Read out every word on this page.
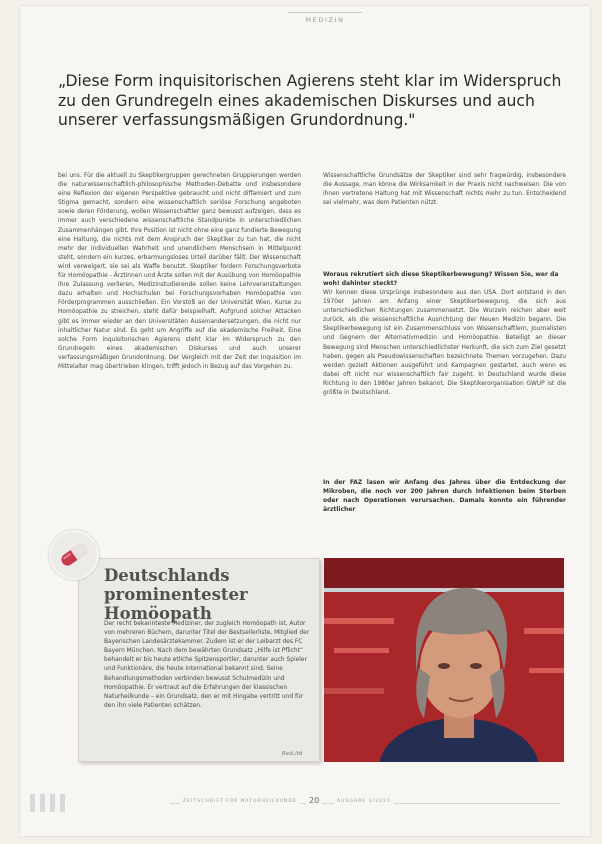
MEDIZIN

„Diese Form inquisitorischen Agierens steht klar im Widerspruch zu den Grundregeln eines akademischen Diskurses und auch unserer verfassungsmäßigen Grundordnung."

bei uns. Für die aktuell zu Skeptikergruppen gerechneten Gruppierungen werden die naturwissenschaftlich-philosophische Methoden-Debatte und insbesondere eine Reflexion der eigenen Perspektive gebraucht und nicht diffamiert und zum Stigma gemacht, sondern eine wissenschaftlich seriöse Forschung angeboten sowie deren Förderung, wollen Wissenschaftler ganz bewusst aufzeigen, dass es immer auch verschiedene wissenschaftliche Standpunkte in unterschiedlichen Zusammenhängen gibt. Ihre Position ist nicht ohne eine ganz fundierte Bewegung eine Haltung, die nichts mit dem Anspruch der Skeptiker zu tun hat, die nicht mehr der individuellen Wahrheit und unendlichem Menschsein in Mittelpunkt steht, sondern ein kurzes, erbarmungsloses Urteil darüber fällt. Der Wissenschaft wird verweigert, sie sei als Waffe benutzt. Skeptiker fordern Forschungsverbote für Homöopathie - Ärztinnen und Ärzte sollen mit der Ausübung von Homöopathie ihre Zulassung verlieren, Medizinstudierende sollen keine Lehrveranstaltungen dazu erhalten und Hochschulen bei Forschungsvorhaben Homöopathie von Förderprogrammen ausschließen. Ein Vorstoß an der Universität Wien, Kurse zu Homöopathie zu streichen, steht dafür beispielhaft. Aufgrund solcher Attacken gibt es immer wieder an den Universitäten Auseinandersetzungen, die nicht nur inhaltlicher Natur sind. Es geht um Angriffe auf die akademische Freiheit. Eine solche Form inquisitorischen Agierens steht klar im Widerspruch zu den Grundregeln eines akademischen Diskurses und auch unserer verfassungsmäßigen Grundordnung. Der Vergleich mit der Zeit der Inquisition im Mittelalter mag übertrieben klingen, trifft jedoch in Bezug auf das Vorgehen zu.

Wissenschaftliche Grundsätze der Skeptiker sind sehr fragwürdig, insbesondere die Aussage, man könne die Wirksamkeit in der Praxis nicht nachweisen. Die von ihnen vertretene Haltung hat mit Wissenschaft nichts mehr zu tun. Entscheidend sei vielmehr, was dem Patienten nützt.

Woraus rekrutiert sich diese Skeptikerbewegung? Wissen Sie, wer da woh! dahinter steckt?

Wir kennen diese Ursprünge insbesondere aus den USA. Dort entstand in den 1970er Jahren am Anfang einer Skeptikerbewegung, die sich aus unterschiedlichen Richtungen zusammensetzt. Die Wurzeln reichen aber weit zurück, als die wissenschaftliche Ausrichtung der Neuen Medizin begann. Die Skeptikerbewegung ist ein Zusammenschluss von Wissenschaftlern, Journalisten und Gegnern der Alternativmedizin und Homöopathie. Beteiligt an dieser Bewegung sind Menschen unterschiedlichster Herkunft, die sich zum Ziel gesetzt haben, gegen als Pseudowissenschaften bezeichnete Themen vorzugehen. Dazu werden gezielt Aktionen ausgeführt und Kampagnen gestartet, auch wenn es dabei oft nicht nur wissenschaftlich fair zugeht. In Deutschland wurde diese Richtung in den 1980er Jahren bekannt. Die Skeptikerorganisation GWUP ist die größte in Deutschland.

In der FAZ lasen wir Anfang des Jahres über die Entdeckung der Mikroben, die noch vor 200 Jahren durch Infektionen beim Sterben oder nach Operationen verursachen. Damals konnte ein führender ärztlicher

Deutschlands prominentester Homöopath

Der recht bekannteste Mediziner, der zugleich Homöopath ist, Autor von mehreren Büchern, darunter Titel der Bestsellerliste, Mitglied der Bayerischen Landesärztekammer. Zudem ist er der Leibarzt des FC Bayern München. Nach dem bewährten Grundsatz „Hilfe ist Pflicht“ behandelt er bis heute etliche Spitzensportler, darunter auch Spieler und Funktionäre, die heute international bekannt sind. Seine Behandlungsmethoden verbinden bewusst Schulmedizin und Homöopathie. Er vertraut auf die Erfahrungen der klassischen Naturheilkunde – ein Grundsatz, den er mit Hingabe vertritt und für den ihn viele Patienten schätzen.

Red./fd
ZEITSCHRIFT FÜR NATURHEILKUNDE	20	AUSGABE 3/2021
